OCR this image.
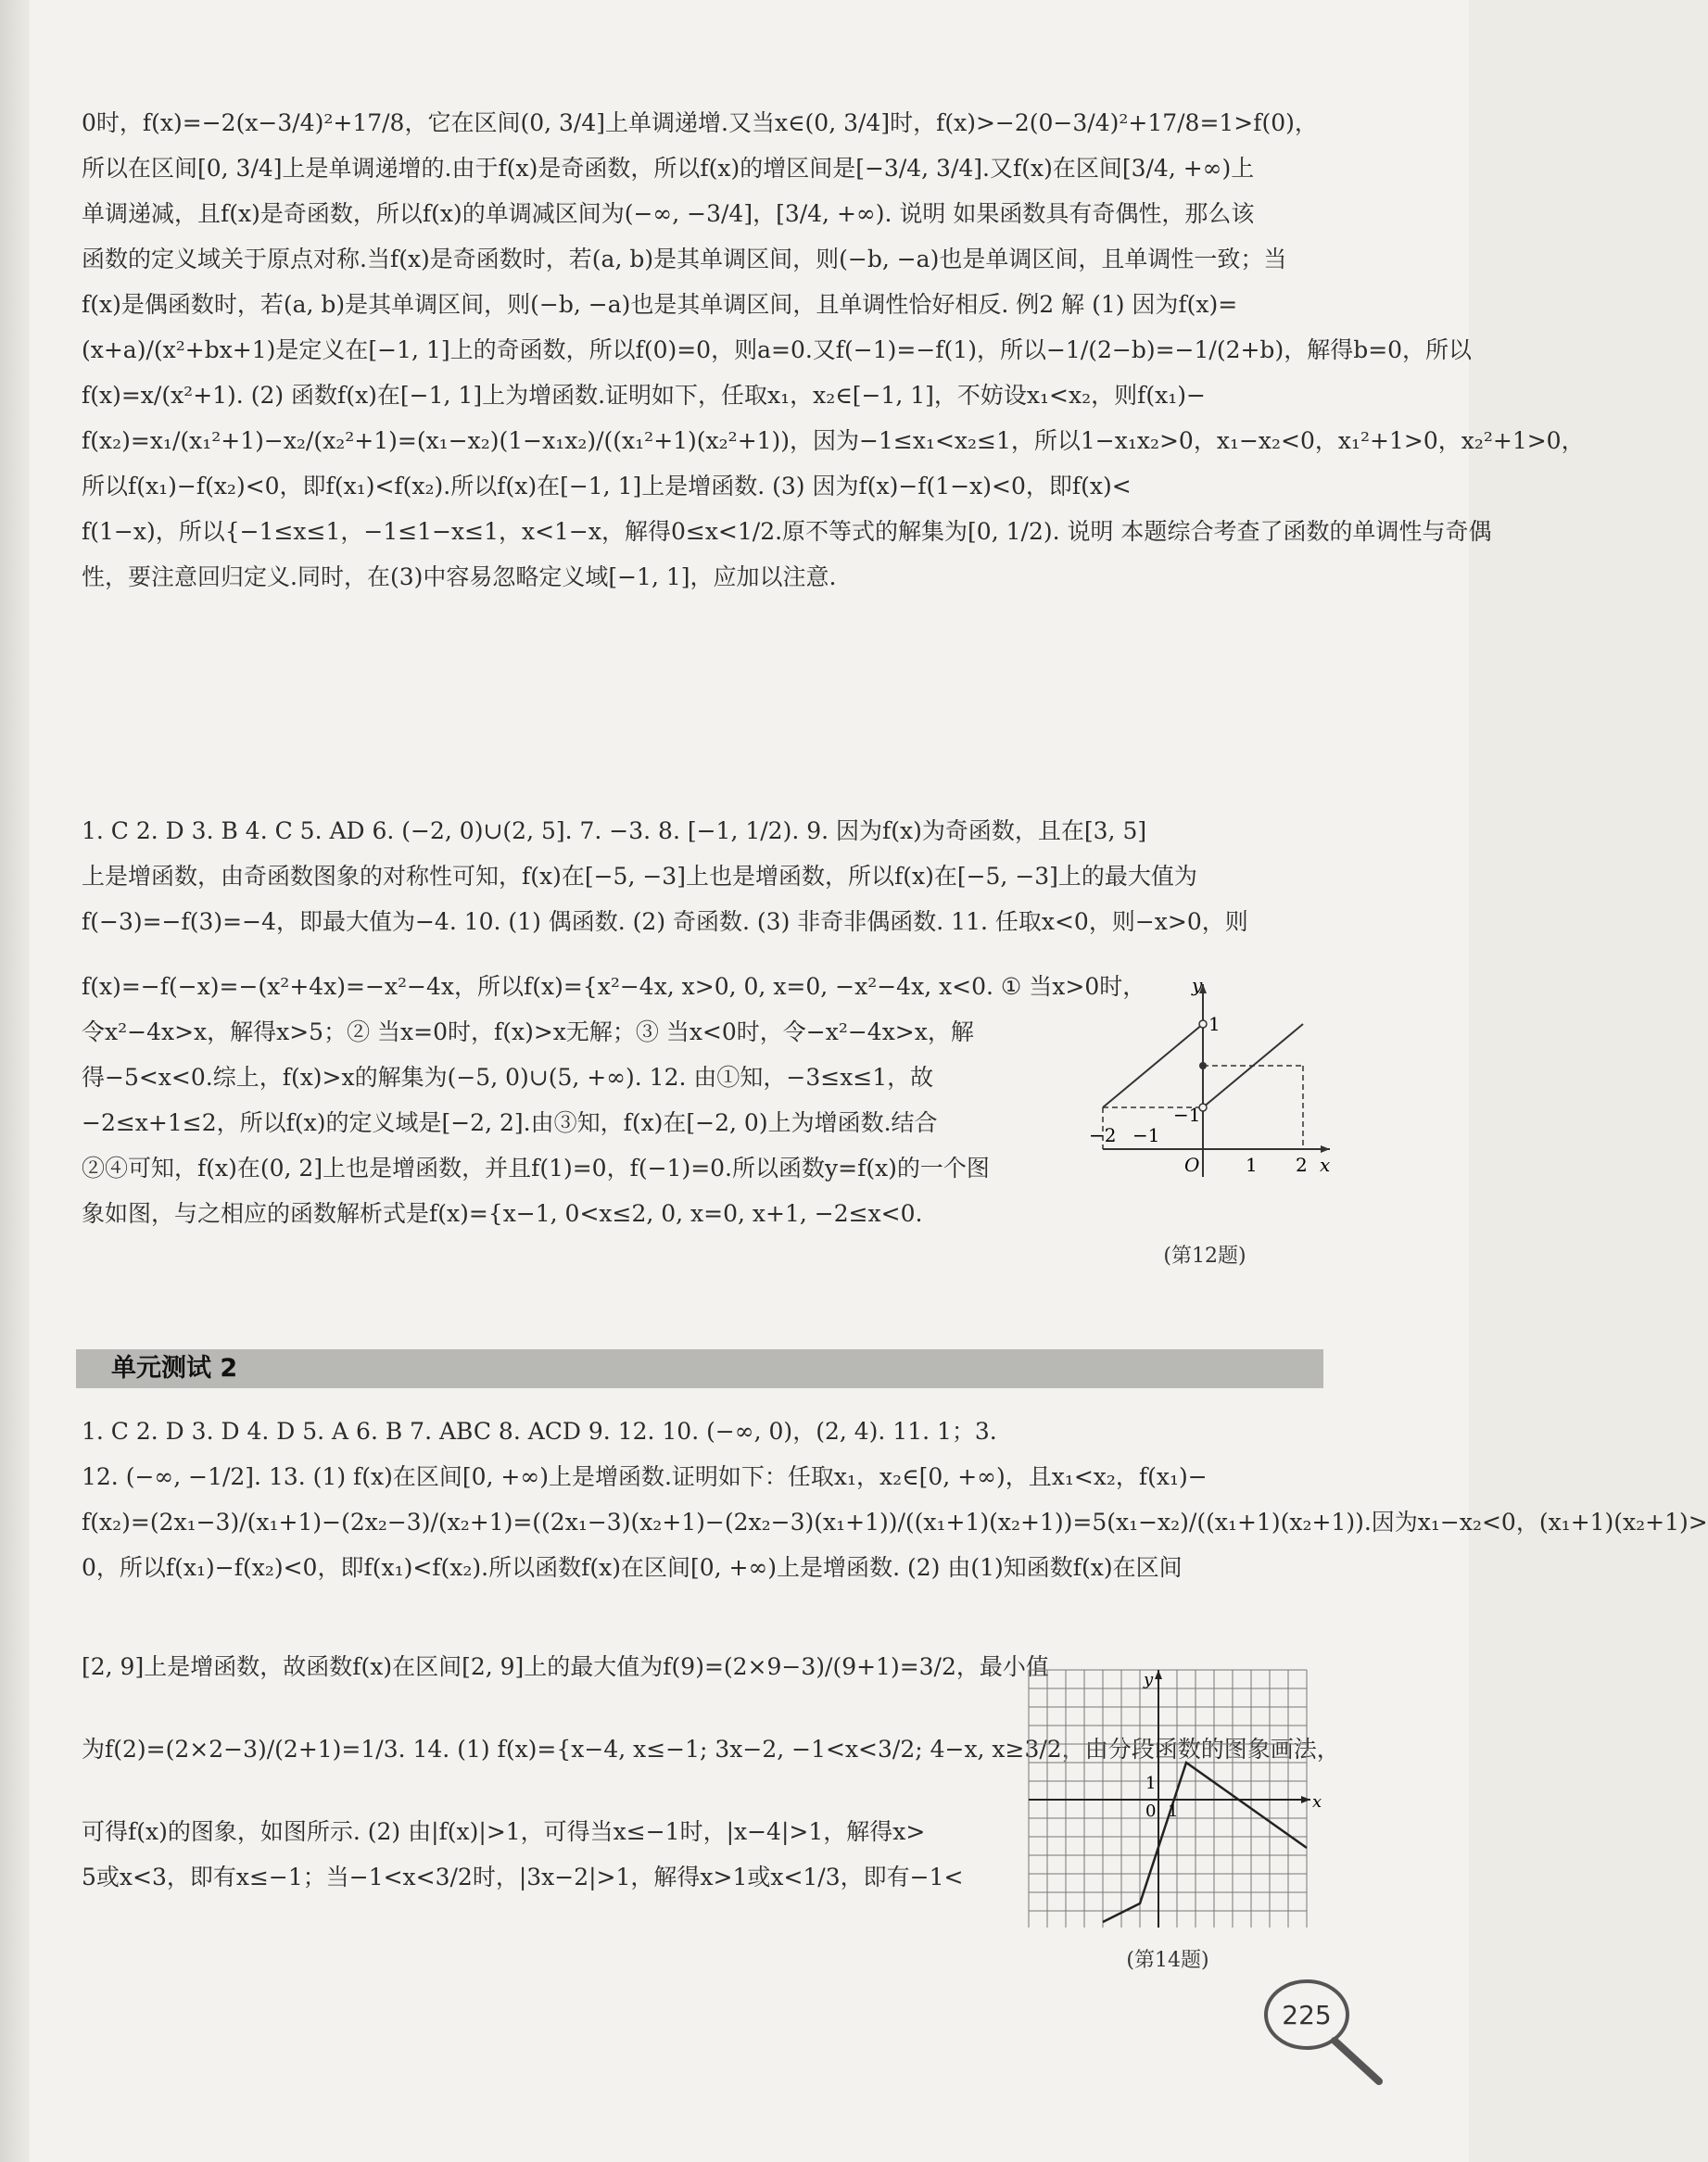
0时，f(x)=−2(x−3/4)²+17/8，它在区间(0, 3/4]上单调递增.又当x∈(0, 3/4]时，f(x)>−2(0−3/4)²+17/8=1>f(0)，

所以在区间[0, 3/4]上是单调递增的.由于f(x)是奇函数，所以f(x)的增区间是[−3/4, 3/4].又f(x)在区间[3/4, +∞)上

单调递减，且f(x)是奇函数，所以f(x)的单调减区间为(−∞, −3/4]，[3/4, +∞). 说明 如果函数具有奇偶性，那么该

函数的定义域关于原点对称.当f(x)是奇函数时，若(a, b)是其单调区间，则(−b, −a)也是单调区间，且单调性一致；当

f(x)是偶函数时，若(a, b)是其单调区间，则(−b, −a)也是其单调区间，且单调性恰好相反. 例2 解 (1) 因为f(x)=

(x+a)/(x²+bx+1)是定义在[−1, 1]上的奇函数，所以f(0)=0，则a=0.又f(−1)=−f(1)，所以−1/(2−b)=−1/(2+b)，解得b=0，所以

f(x)=x/(x²+1). (2) 函数f(x)在[−1, 1]上为增函数.证明如下，任取x₁，x₂∈[−1, 1]，不妨设x₁<x₂，则f(x₁)−

f(x₂)=x₁/(x₁²+1)−x₂/(x₂²+1)=(x₁−x₂)(1−x₁x₂)/((x₁²+1)(x₂²+1))，因为−1≤x₁<x₂≤1，所以1−x₁x₂>0，x₁−x₂<0，x₁²+1>0，x₂²+1>0，

所以f(x₁)−f(x₂)<0，即f(x₁)<f(x₂).所以f(x)在[−1, 1]上是增函数. (3) 因为f(x)−f(1−x)<0，即f(x)<

f(1−x)，所以{−1≤x≤1，−1≤1−x≤1，x<1−x，解得0≤x<1/2.原不等式的解集为[0, 1/2). 说明 本题综合考查了函数的单调性与奇偶

性，要注意回归定义.同时，在(3)中容易忽略定义域[−1, 1]，应加以注意.

1. C 2. D 3. B 4. C 5. AD 6. (−2, 0)∪(2, 5]. 7. −3. 8. [−1, 1/2). 9. 因为f(x)为奇函数，且在[3, 5]

上是增函数，由奇函数图象的对称性可知，f(x)在[−5, −3]上也是增函数，所以f(x)在[−5, −3]上的最大值为

f(−3)=−f(3)=−4，即最大值为−4. 10. (1) 偶函数. (2) 奇函数. (3) 非奇非偶函数. 11. 任取x<0，则−x>0，则

f(x)=−f(−x)=−(x²+4x)=−x²−4x，所以f(x)={x²−4x, x>0, 0, x=0, −x²−4x, x<0. ① 当x>0时，

令x²−4x>x，解得x>5；② 当x=0时，f(x)>x无解；③ 当x<0时，令−x²−4x>x，解

得−5<x<0.综上，f(x)>x的解集为(−5, 0)∪(5, +∞). 12. 由①知，−3≤x≤1，故

−2≤x+1≤2，所以f(x)的定义域是[−2, 2].由③知，f(x)在[−2, 0)上为增函数.结合

②④可知，f(x)在(0, 2]上也是增函数，并且f(1)=0，f(−1)=0.所以函数y=f(x)的一个图

象如图，与之相应的函数解析式是f(x)={x−1, 0<x≤2, 0, x=0, x+1, −2≤x<0.

y
x
O 1 2
−1
−2
1
−1
(第12题)
单元测试 2

1. C 2. D 3. D 4. D 5. A 6. B 7. ABC 8. ACD 9. 12. 10. (−∞, 0)，(2, 4). 11. 1；3.

12. (−∞, −1/2]. 13. (1) f(x)在区间[0, +∞)上是增函数.证明如下：任取x₁，x₂∈[0, +∞)，且x₁<x₂，f(x₁)−

f(x₂)=(2x₁−3)/(x₁+1)−(2x₂−3)/(x₂+1)=((2x₁−3)(x₂+1)−(2x₂−3)(x₁+1))/((x₁+1)(x₂+1))=5(x₁−x₂)/((x₁+1)(x₂+1)).因为x₁−x₂<0，(x₁+1)(x₂+1)>

0，所以f(x₁)−f(x₂)<0，即f(x₁)<f(x₂).所以函数f(x)在区间[0, +∞)上是增函数. (2) 由(1)知函数f(x)在区间

[2, 9]上是增函数，故函数f(x)在区间[2, 9]上的最大值为f(9)=(2×9−3)/(9+1)=3/2，最小值

为f(2)=(2×2−3)/(2+1)=1/3. 14. (1) f(x)={x−4, x≤−1; 3x−2, −1<x<3/2; 4−x, x≥3/2，由分段函数的图象画法，

可得f(x)的图象，如图所示. (2) 由|f(x)|>1，可得当x≤−1时，|x−4|>1，解得x>

5或x<3，即有x≤−1；当−1<x<3/2时，|3x−2|>1，解得x>1或x<1/3，即有−1<

y
x
0 1
1
(第14题)
225
